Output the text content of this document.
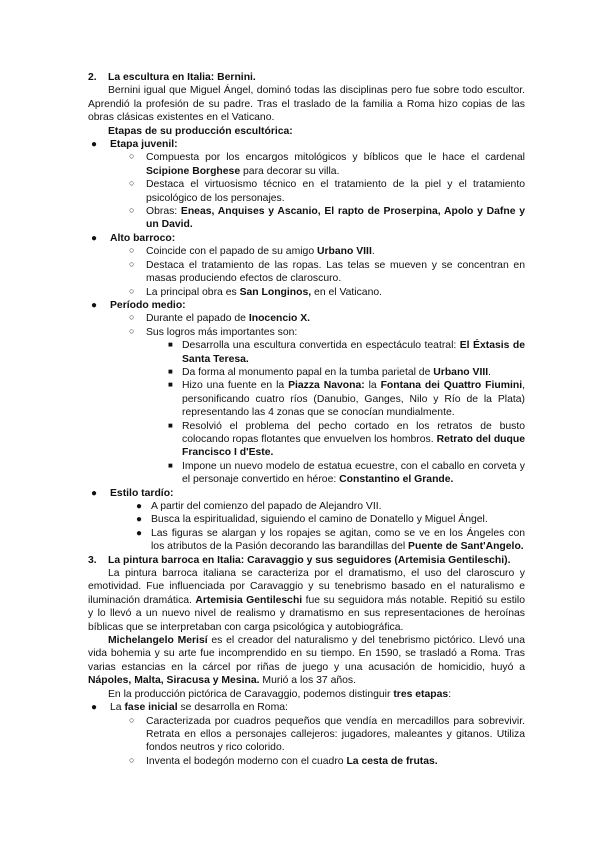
2.	La escultura en Italia: Bernini.

Bernini igual que Miguel Ángel, dominó todas las disciplinas pero fue sobre todo escultor. Aprendió la profesión de su padre. Tras el traslado de la familia a Roma hizo copias de las obras clásicas existentes en el Vaticano.

Etapas de su producción escultórica:

● Etapa juvenil:
○ Compuesta por los encargos mitológicos y bíblicos que le hace el cardenal Scipione Borghese para decorar su villa.
○ Destaca el virtuosismo técnico en el tratamiento de la piel y el tratamiento psicológico de los personajes.
○ Obras: Eneas, Anquises y Ascanio, El rapto de Proserpina, Apolo y Dafne y un David.
● Alto barroco:
○ Coincide con el papado de su amigo Urbano VIII.
○ Destaca el tratamiento de las ropas. Las telas se mueven y se concentran en masas produciendo efectos de claroscuro.
○ La principal obra es San Longinos, en el Vaticano.
● Período medio:
○ Durante el papado de Inocencio X.
○ Sus logros más importantes son:
■ Desarrolla una escultura convertida en espectáculo teatral: El Éxtasis de Santa Teresa.
■ Da forma al monumento papal en la tumba parietal de Urbano VIII.
■ Hizo una fuente en la Piazza Navona: la Fontana dei Quattro Fiumini, personificando cuatro ríos (Danubio, Ganges, Nilo y Río de la Plata) representando las 4 zonas que se conocían mundialmente.
■ Resolvió el problema del pecho cortado en los retratos de busto colocando ropas flotantes que envuelven los hombros. Retrato del duque Francisco I d'Este.
■ Impone un nuevo modelo de estatua ecuestre, con el caballo en corveta y el personaje convertido en héroe: Constantino el Grande.
● Estilo tardío:
● A partir del comienzo del papado de Alejandro VII.
● Busca la espiritualidad, siguiendo el camino de Donatello y Miguel Ángel.
● Las figuras se alargan y los ropajes se agitan, como se ve en los Ángeles con los atributos de la Pasión decorando las barandillas del Puente de Sant'Angelo.
3.	La pintura barroca en Italia: Caravaggio y sus seguidores (Artemisia Gentileschi).

La pintura barroca italiana se caracteriza por el dramatismo, el uso del claroscuro y emotividad. Fue influenciada por Caravaggio y su tenebrismo basado en el naturalismo e iluminación dramática. Artemisia Gentileschi fue su seguidora más notable. Repitió su estilo y lo llevó a un nuevo nivel de realismo y dramatismo en sus representaciones de heroínas bíblicas que se interpretaban con carga psicológica y autobiográfica.

Michelangelo Merisí es el creador del naturalismo y del tenebrismo pictórico. Llevó una vida bohemia y su arte fue incomprendido en su tiempo. En 1590, se trasladó a Roma. Tras varias estancias en la cárcel por riñas de juego y una acusación de homicidio, huyó a Nápoles, Malta, Siracusa y Mesina. Murió a los 37 años.

En la producción pictórica de Caravaggio, podemos distinguir tres etapas:

● La fase inicial se desarrolla en Roma:
○ Caracterizada por cuadros pequeños que vendía en mercadillos para sobrevivir. Retrata en ellos a personajes callejeros: jugadores, maleantes y gitanos. Utiliza fondos neutros y rico colorido.
○ Inventa el bodegón moderno con el cuadro La cesta de frutas.
